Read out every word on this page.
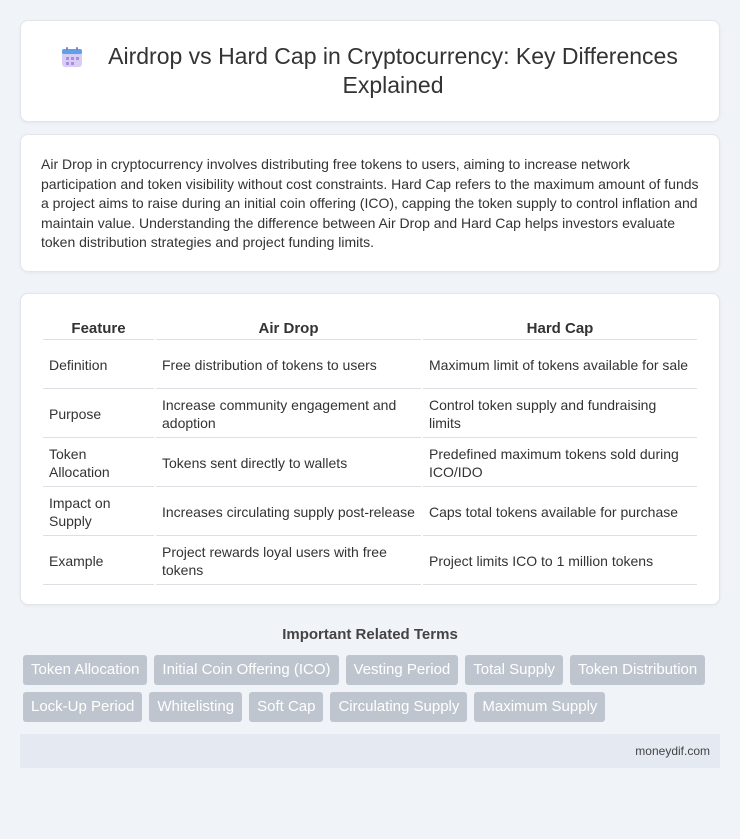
Airdrop vs Hard Cap in Cryptocurrency: Key Differences Explained

Air Drop in cryptocurrency involves distributing free tokens to users, aiming to increase network participation and token visibility without cost constraints. Hard Cap refers to the maximum amount of funds a project aims to raise during an initial coin offering (ICO), capping the token supply to control inflation and maintain value. Understanding the difference between Air Drop and Hard Cap helps investors evaluate token distribution strategies and project funding limits.

Feature	Air Drop	Hard Cap
Definition	Free distribution of tokens to users	Maximum limit of tokens available for sale
Purpose	Increase community engagement and adoption	Control token supply and fundraising limits
Token Allocation	Tokens sent directly to wallets	Predefined maximum tokens sold during ICO/IDO
Impact on Supply	Increases circulating supply post-release	Caps total tokens available for purchase
Example	Project rewards loyal users with free tokens	Project limits ICO to 1 million tokens
Important Related Terms
Token Allocation	Initial Coin Offering (ICO)	Vesting Period	Total Supply	Token Distribution
Lock-Up Period	Whitelisting	Soft Cap	Circulating Supply	Maximum Supply
moneydif.com
